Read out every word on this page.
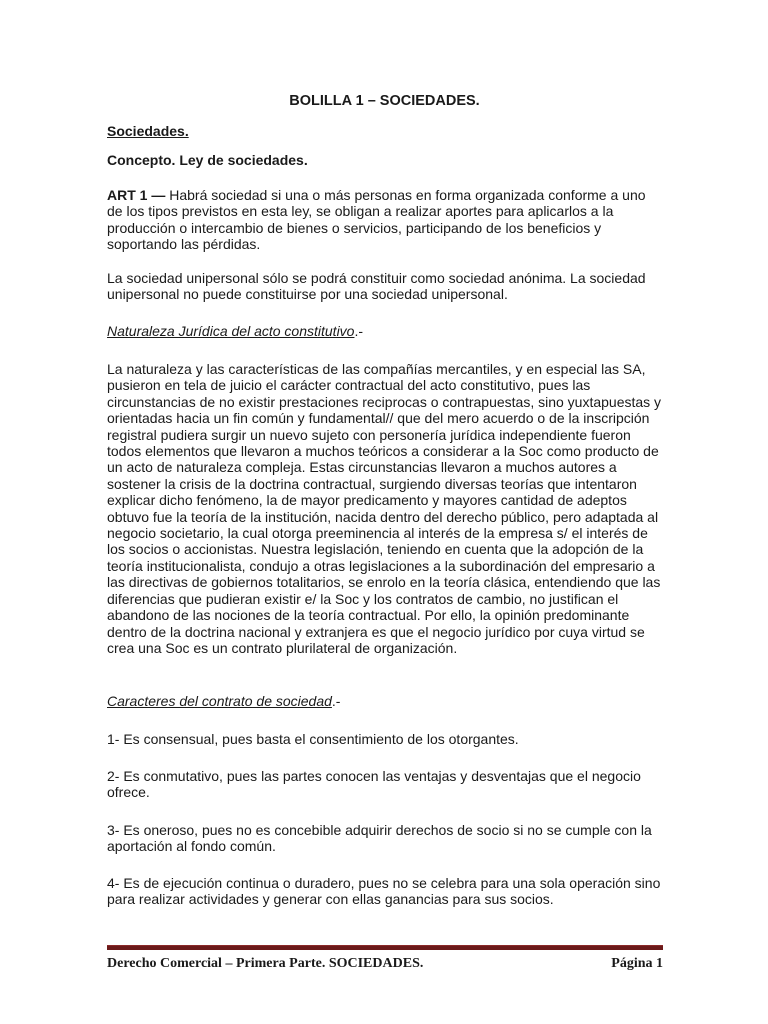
BOLILLA 1 – SOCIEDADES.
Sociedades.
Concepto. Ley de sociedades.

ART 1 — Habrá sociedad si una o más personas en forma organizada conforme a uno de los tipos previstos en esta ley, se obligan a realizar aportes para aplicarlos a la producción o intercambio de bienes o servicios, participando de los beneficios y soportando las pérdidas.

La sociedad unipersonal sólo se podrá constituir como sociedad anónima. La sociedad unipersonal no puede constituirse por una sociedad unipersonal.

Naturaleza Jurídica del acto constitutivo.-

La naturaleza y las características de las compañías mercantiles, y en especial las SA, pusieron en tela de juicio el carácter contractual del acto constitutivo, pues las circunstancias de no existir prestaciones reciprocas o contrapuestas, sino yuxtapuestas y orientadas hacia un fin común y fundamental// que del mero acuerdo o de la inscripción registral pudiera surgir un nuevo sujeto con personería jurídica independiente fueron todos elementos que llevaron a muchos teóricos a considerar a la Soc como producto de un acto de naturaleza compleja. Estas circunstancias llevaron a muchos autores a sostener la crisis de la doctrina contractual, surgiendo diversas teorías que intentaron explicar dicho fenómeno, la de mayor predicamento y mayores cantidad de adeptos obtuvo fue la teoría de la institución, nacida dentro del derecho público, pero adaptada al negocio societario, la cual otorga preeminencia al interés de la empresa s/ el interés de los socios o accionistas. Nuestra legislación, teniendo en cuenta que la adopción de la teoría institucionalista, condujo a otras legislaciones a la subordinación del empresario a las directivas de gobiernos totalitarios, se enrolo en la teoría clásica, entendiendo que las diferencias que pudieran existir e/ la Soc y los contratos de cambio, no justifican el abandono de las nociones de la teoría contractual. Por ello, la opinión predominante dentro de la doctrina nacional y extranjera es que el negocio jurídico por cuya virtud se crea una Soc es un contrato plurilateral de organización.

Caracteres del contrato de sociedad.-

1- Es consensual, pues basta el consentimiento de los otorgantes.

2- Es conmutativo, pues las partes conocen las ventajas y desventajas que el negocio ofrece.

3- Es oneroso, pues no es concebible adquirir derechos de socio si no se cumple con la aportación al fondo común.

4- Es de ejecución continua o duradero, pues no se celebra para una sola operación sino para realizar actividades y generar con ellas ganancias para sus socios.

Derecho Comercial – Primera Parte. SOCIEDADES.	Página 1
